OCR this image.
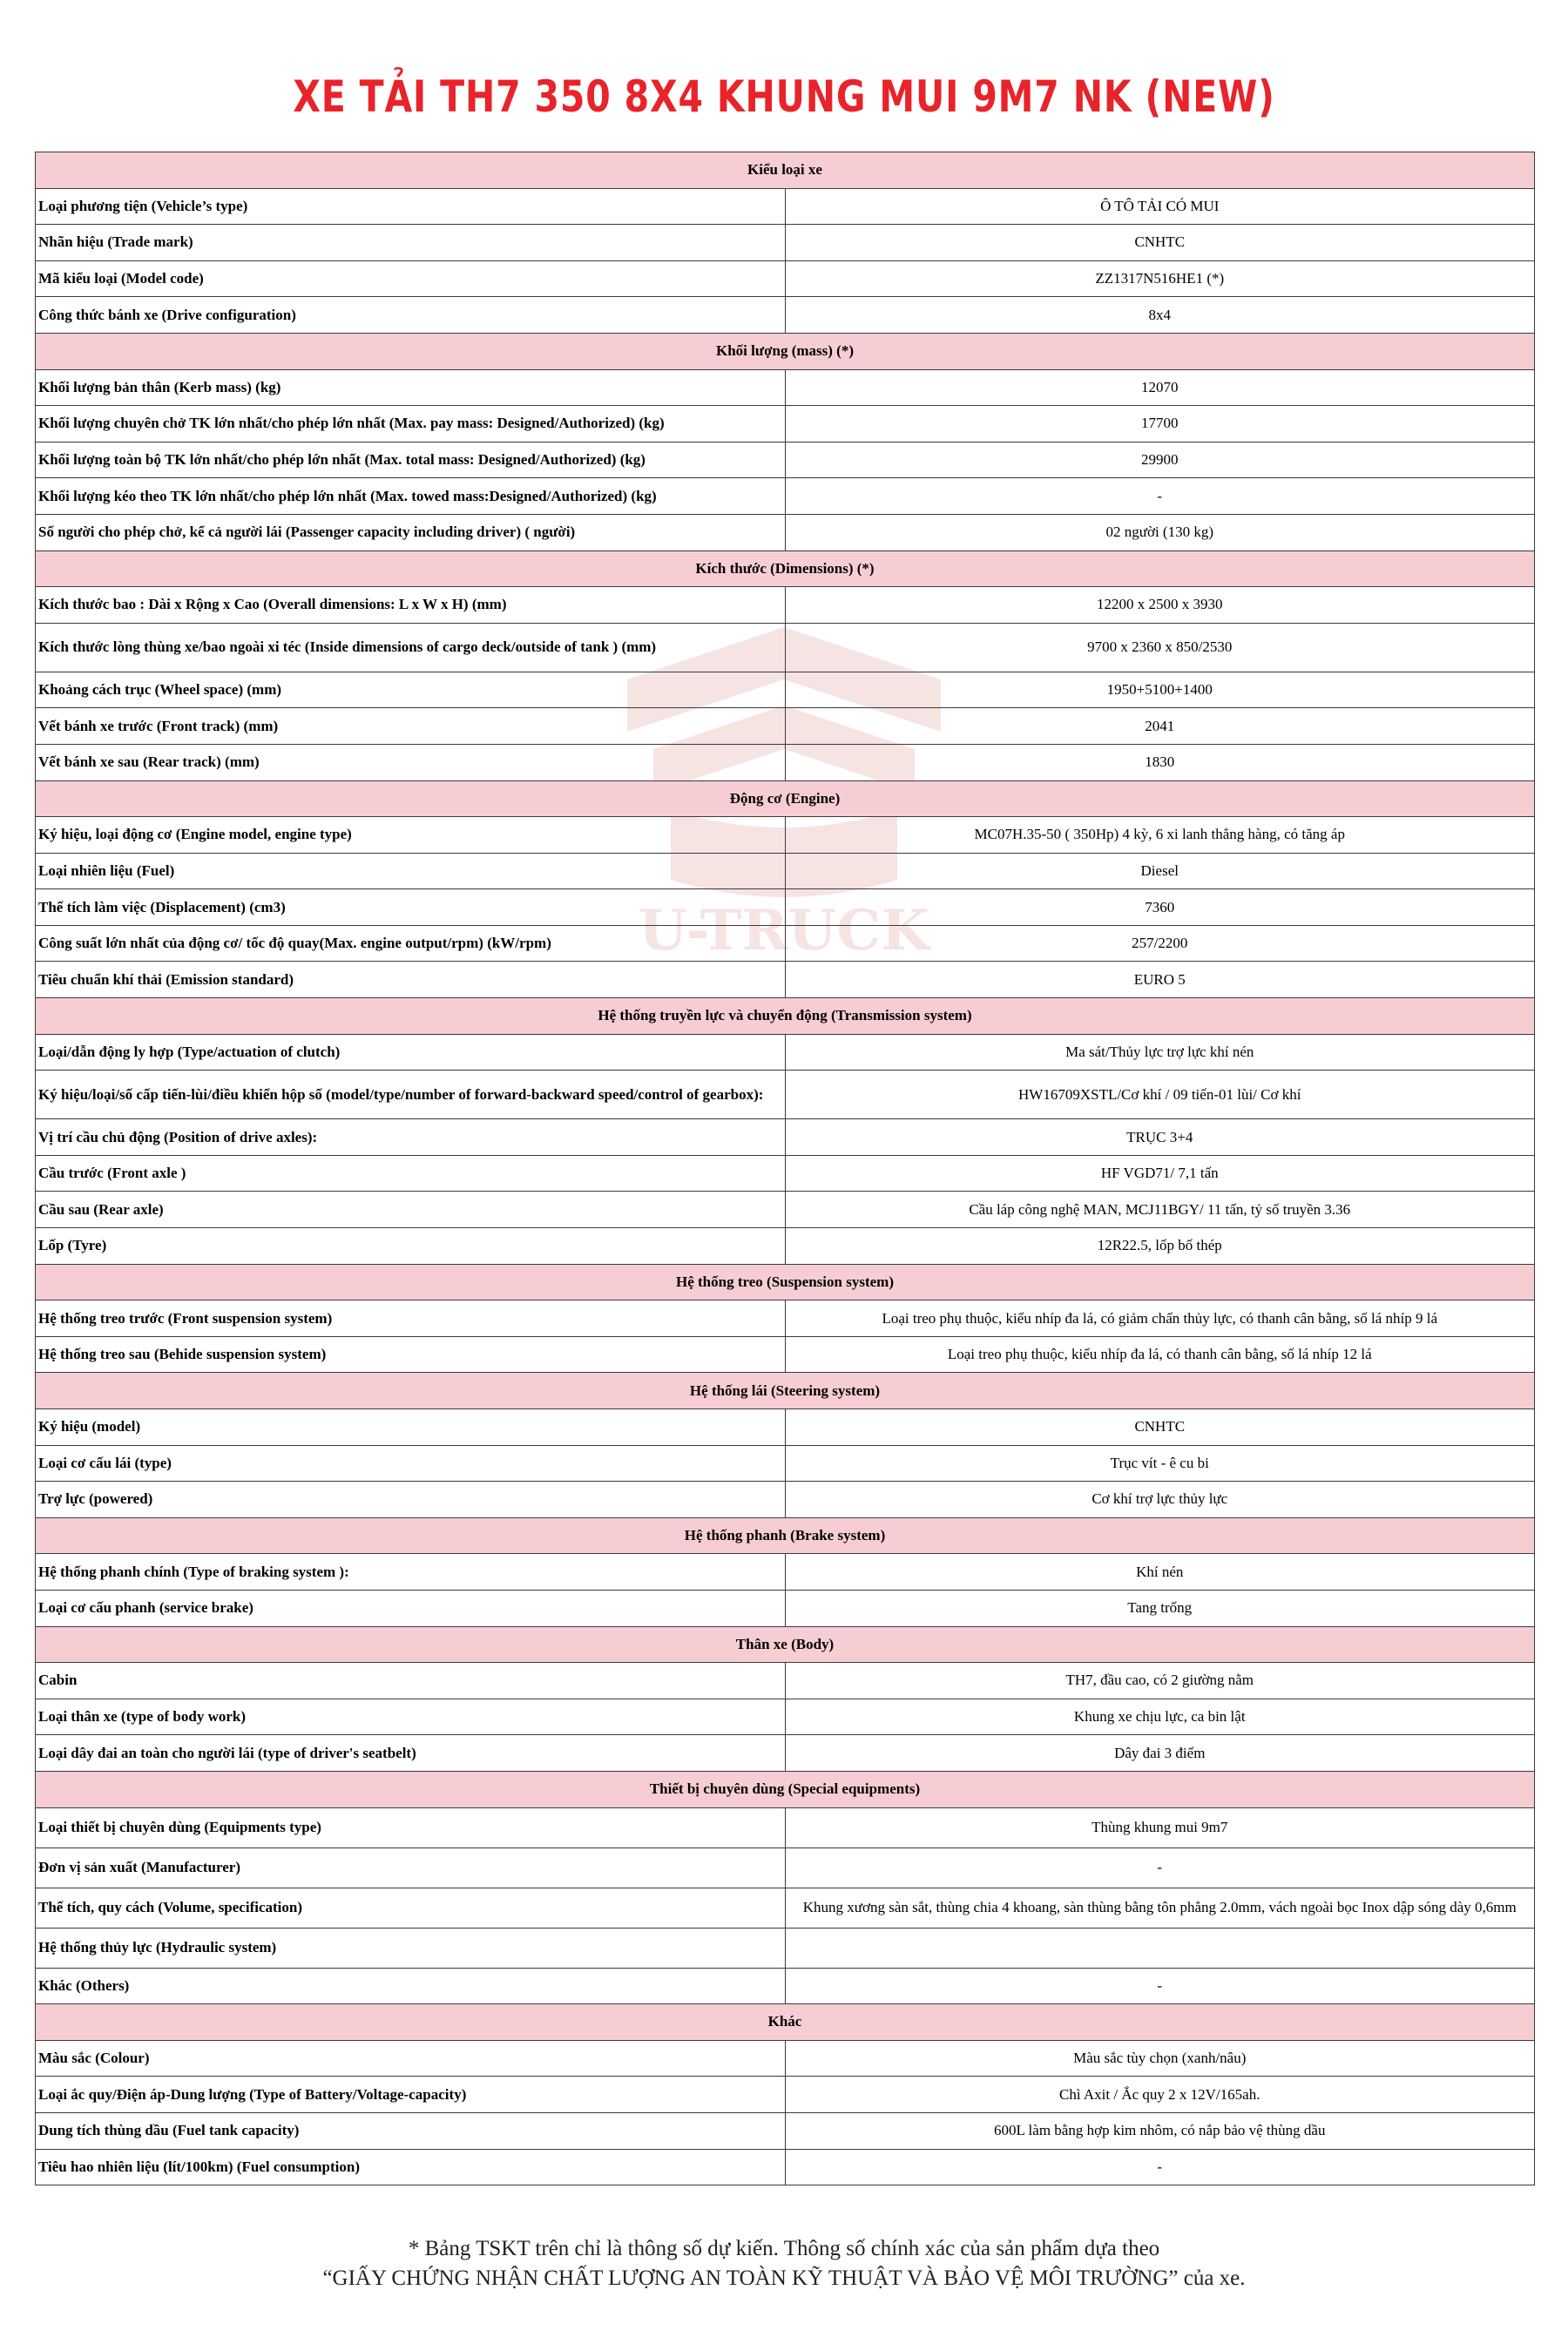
XE TẢI TH7 350 8X4 KHUNG MUI 9M7 NK (NEW)
U-TRUCK
Kiểu loại xe	
Loại phương tiện (Vehicle’s type)	Ô TÔ TẢI CÓ MUI
Nhãn hiệu (Trade mark)	CNHTC
Mã kiểu loại (Model code)	ZZ1317N516HE1 (*)
Công thức bánh xe (Drive configuration)	8x4
Khối lượng (mass) (*)	
Khối lượng bản thân (Kerb mass) (kg)	12070
Khối lượng chuyên chở TK lớn nhất/cho phép lớn nhất (Max. pay mass: Designed/Authorized) (kg)	17700
Khối lượng toàn bộ TK lớn nhất/cho phép lớn nhất (Max. total mass: Designed/Authorized) (kg)	29900
Khối lượng kéo theo TK lớn nhất/cho phép lớn nhất (Max. towed mass:Designed/Authorized) (kg)	-
Số người cho phép chở, kể cả người lái (Passenger capacity including driver) ( người)	02 người (130 kg)
Kích thước (Dimensions) (*)	
Kích thước bao : Dài x Rộng x Cao (Overall dimensions: L x W x H) (mm)	12200 x 2500 x 3930
Kích thước lòng thùng xe/bao ngoài xi téc (Inside dimensions of cargo deck/outside of tank ) (mm)	9700 x 2360 x 850/2530
Khoảng cách trục (Wheel space) (mm)	1950+5100+1400
Vết bánh xe trước (Front track) (mm)	2041
Vết bánh xe sau (Rear track) (mm)	1830
Động cơ (Engine)	
Ký hiệu, loại động cơ (Engine model, engine type)	MC07H.35-50 ( 350Hp) 4 kỳ, 6 xi lanh thẳng hàng, có tăng áp
Loại nhiên liệu (Fuel)	Diesel
Thể tích làm việc (Displacement) (cm3)	7360
Công suất lớn nhất của động cơ/ tốc độ quay(Max. engine output/rpm) (kW/rpm)	257/2200
Tiêu chuẩn khí thải (Emission standard)	EURO 5
Hệ thống truyền lực và chuyển động (Transmission system)	
Loại/dẫn động ly hợp (Type/actuation of clutch)	Ma sát/Thủy lực trợ lực khí nén
Ký hiệu/loại/số cấp tiến-lùi/điều khiển hộp số (model/type/number of forward-backward speed/control of gearbox):	HW16709XSTL/Cơ khí / 09 tiến-01 lùi/ Cơ khí
Vị trí cầu chủ động (Position of drive axles):	TRỤC 3+4
Cầu trước (Front axle )	HF VGD71/ 7,1 tấn
Cầu sau (Rear axle)	Cầu láp công nghệ MAN, MCJ11BGY/ 11 tấn, tỷ số truyền 3.36
Lốp (Tyre)	12R22.5, lốp bố thép
Hệ thống treo (Suspension system)	
Hệ thống treo trước (Front suspension system)	Loại treo phụ thuộc, kiểu nhíp đa lá, có giảm chấn thủy lực, có thanh cân bằng, số lá nhíp 9 lá
Hệ thống treo sau (Behide suspension system)	Loại treo phụ thuộc, kiểu nhíp đa lá, có thanh cân bằng, số lá nhíp 12 lá
Hệ thống lái (Steering system)	
Ký hiệu (model)	CNHTC
Loại cơ cấu lái (type)	Trục vít - ê cu bi
Trợ lực (powered)	Cơ khí trợ lực thủy lực
Hệ thống phanh (Brake system)	
Hệ thống phanh chính (Type of braking system ):	Khí nén
Loại cơ cấu phanh (service brake)	Tang trống
Thân xe (Body)	
Cabin	TH7, đầu cao, có 2 giường nằm
Loại thân xe (type of body work)	Khung xe chịu lực, ca bin lật
Loại dây đai an toàn cho người lái (type of driver's seatbelt)	Dây đai 3 điểm
Thiết bị chuyên dùng (Special equipments)	
Loại thiết bị chuyên dùng (Equipments type)	Thùng khung mui 9m7
Đơn vị sản xuất (Manufacturer)	-
Thể tích, quy cách (Volume, specification)	Khung xương sàn sắt, thùng chia 4 khoang, sàn thùng bằng tôn phẳng 2.0mm, vách ngoài bọc Inox dập sóng dày 0,6mm
Hệ thống thủy lực (Hydraulic system)	
Khác (Others)	-
Khác	
Màu sắc (Colour)	Màu sắc tùy chọn (xanh/nâu)
Loại ắc quy/Điện áp-Dung lượng (Type of Battery/Voltage-capacity)	Chì Axit / Ắc quy 2 x 12V/165ah.
Dung tích thùng dầu (Fuel tank capacity)	600L làm bằng hợp kim nhôm, có nắp bảo vệ thùng dầu
Tiêu hao nhiên liệu (lít/100km) (Fuel consumption)	-
* Bảng TSKT trên chỉ là thông số dự kiến. Thông số chính xác của sản phẩm dựa theo
“GIẤY CHỨNG NHẬN CHẤT LƯỢNG AN TOÀN KỸ THUẬT VÀ BẢO VỆ MÔI TRƯỜNG” của xe.
